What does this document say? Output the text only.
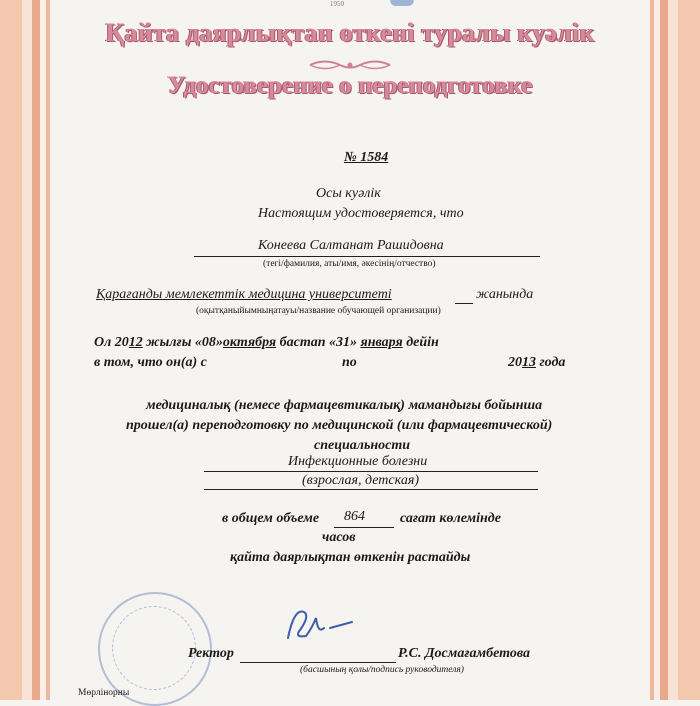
1950
Қайта даярлықтан өткені туралы куәлік
Удостоверение о переподготовке
№ 1584
Осы куәлік
Настоящим удостоверяется, что
Конеева Салтанат Рашидовна
(тегі/фамилия, аты/имя, әкесінің/отчество)
Қарағанды мемлекеттік медицина университеті	жанында
(оқытқаныйымныңатауы/название обучающей организации)
Ол 2012 жылғы «08»октября бастап «31» января дейін
в том, что он(а) с	по	2013 года
медициналық (немесе фармацевтикалық) мамандығы бойынша
прошел(а) переподготовку по медицинской (или фармацевтической)
специальности
Инфекционные болезни
(взрослая, детская)
в общем объеме 864	сағат көлемінде
часов
қайта даярлықтан өткенін растайды
Ректор	Р.С. Досмағамбетова
(басшының қолы/подпись руководителя)
Мөрлінорны
